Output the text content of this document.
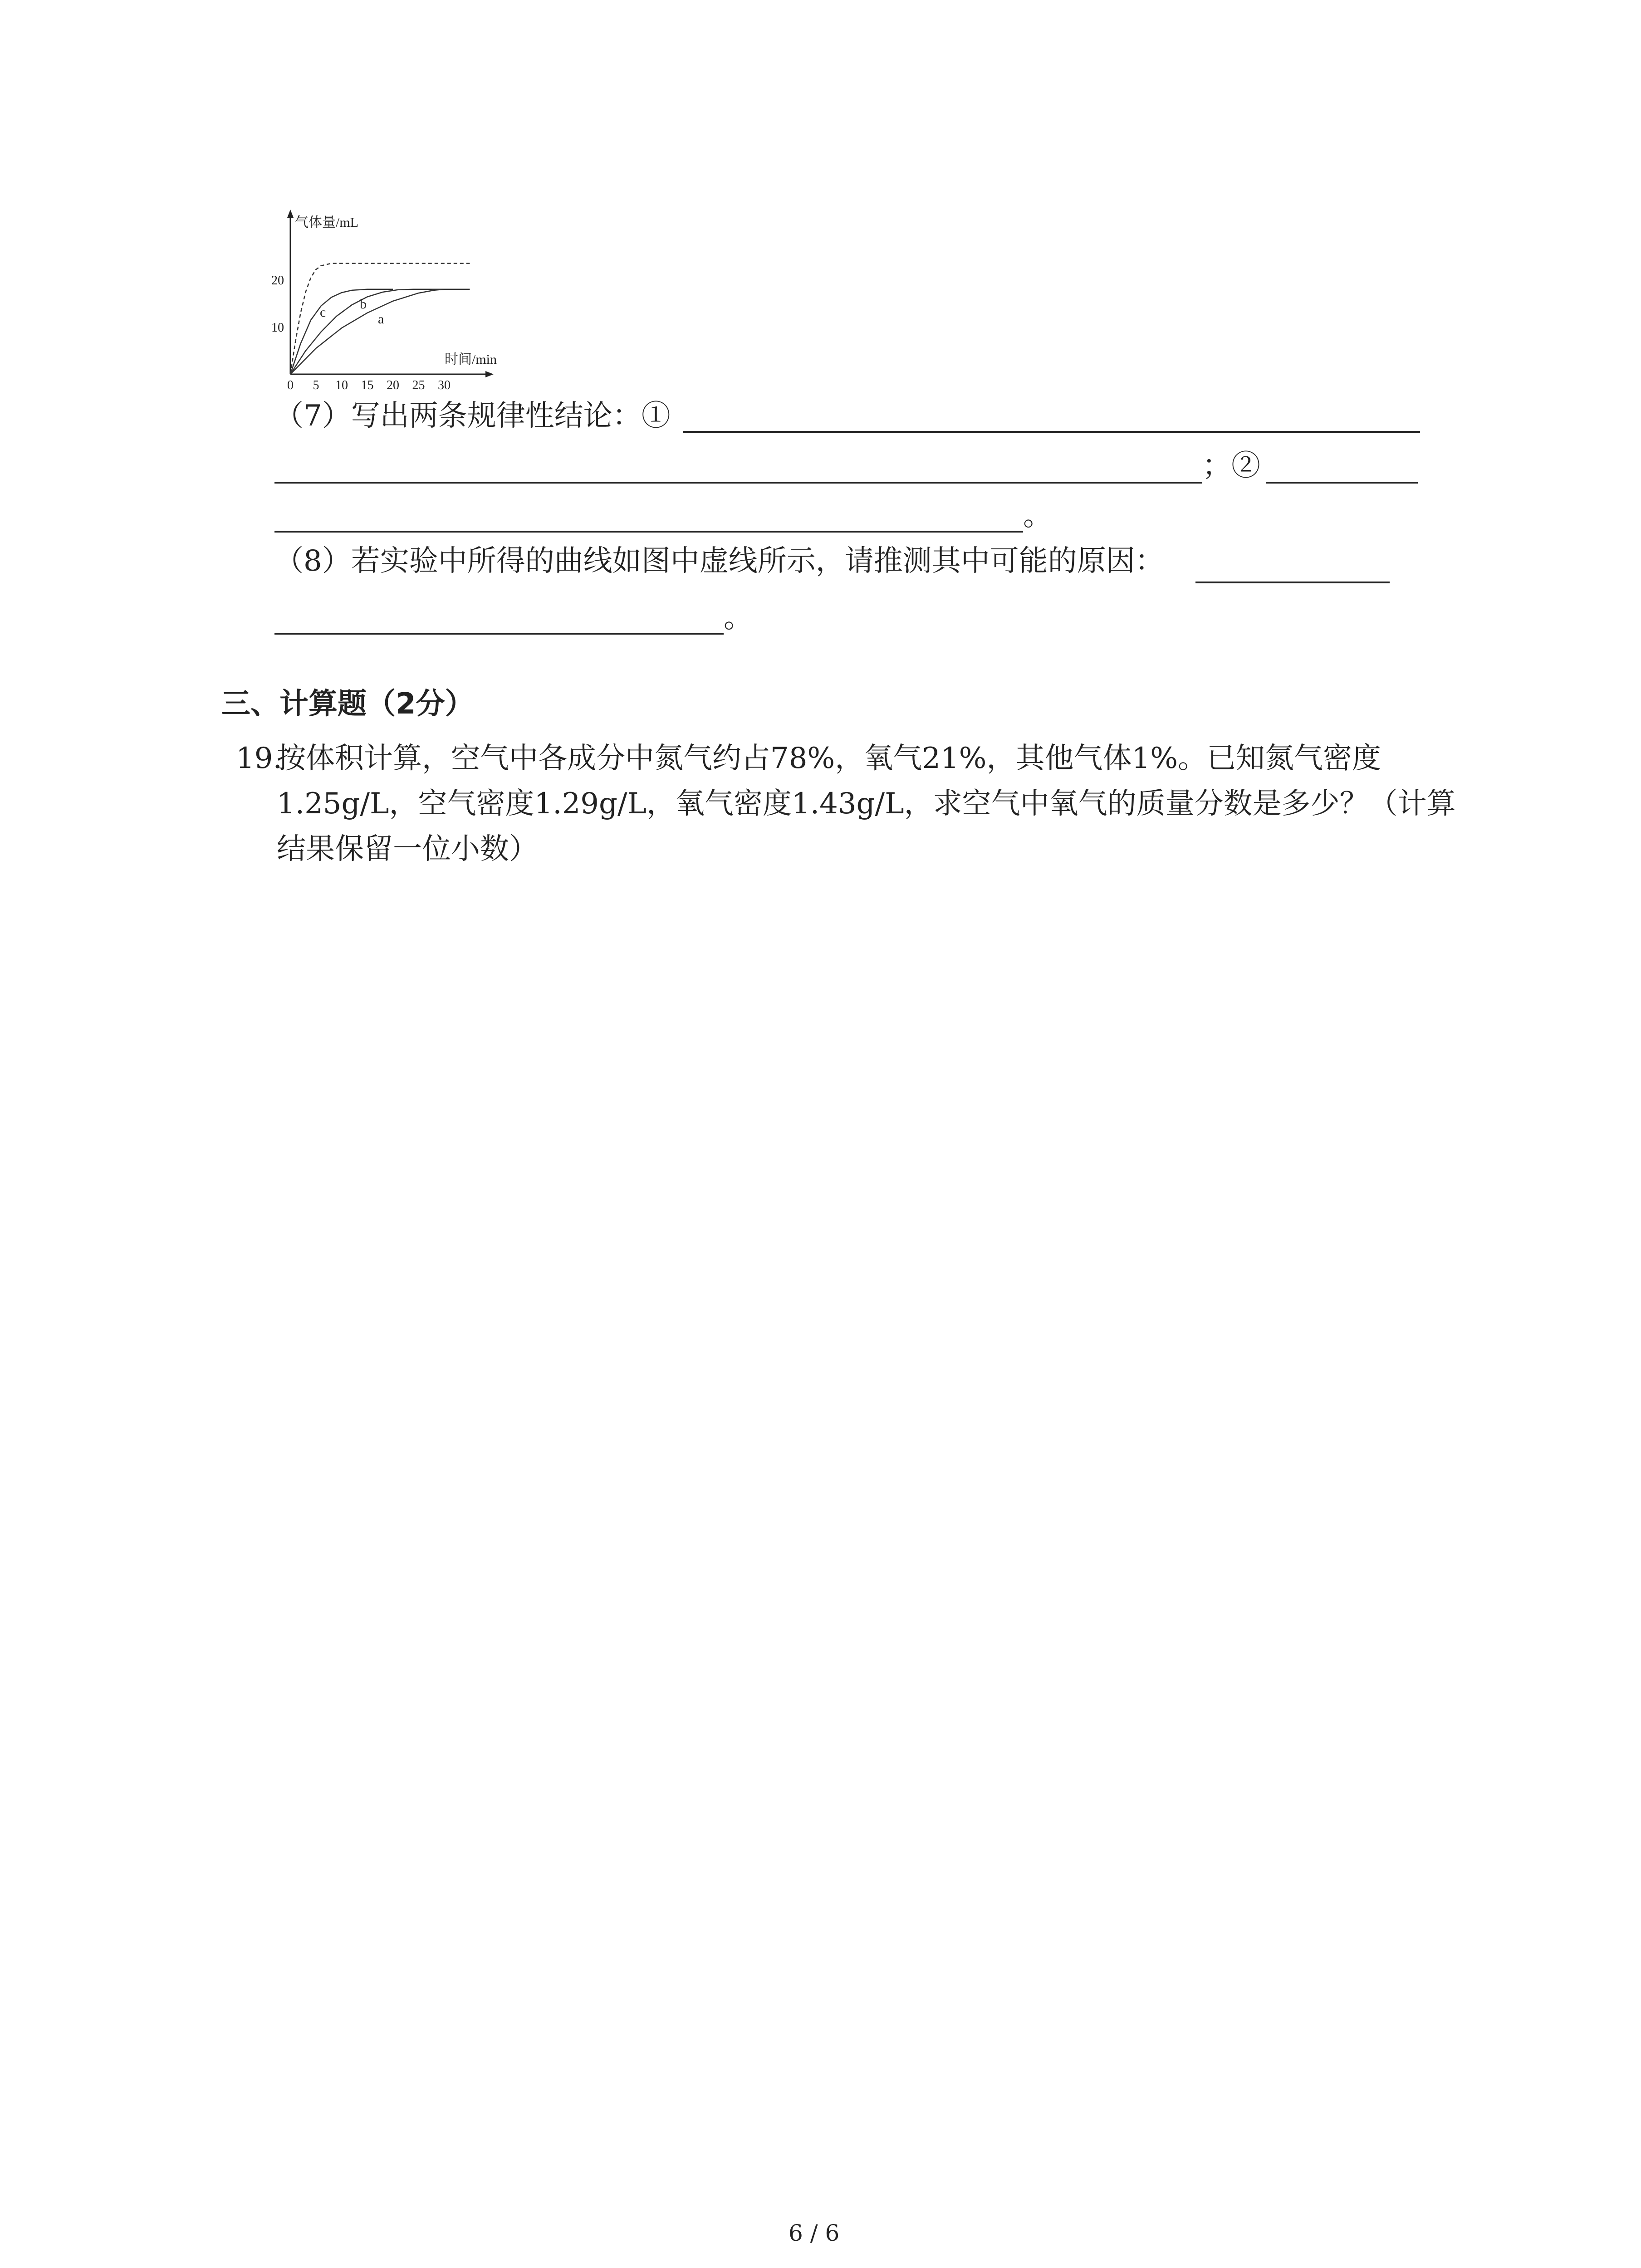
气体量/mL
时间/min
0 5 10 15 20 25 30
10
20
c
b
a
（7）写出两条规律性结论：①
；②
。
（8）若实验中所得的曲线如图中虚线所示，请推测其中可能的原因：
。
三、计算题（2分）
19.
按体积计算，空气中各成分中氮气约占78%，氧气21%，其他气体1%。已知氮气密度
1.25g/L，空气密度1.29g/L，氧气密度1.43g/L，求空气中氧气的质量分数是多少？（计算
结果保留一位小数）
6 / 6
